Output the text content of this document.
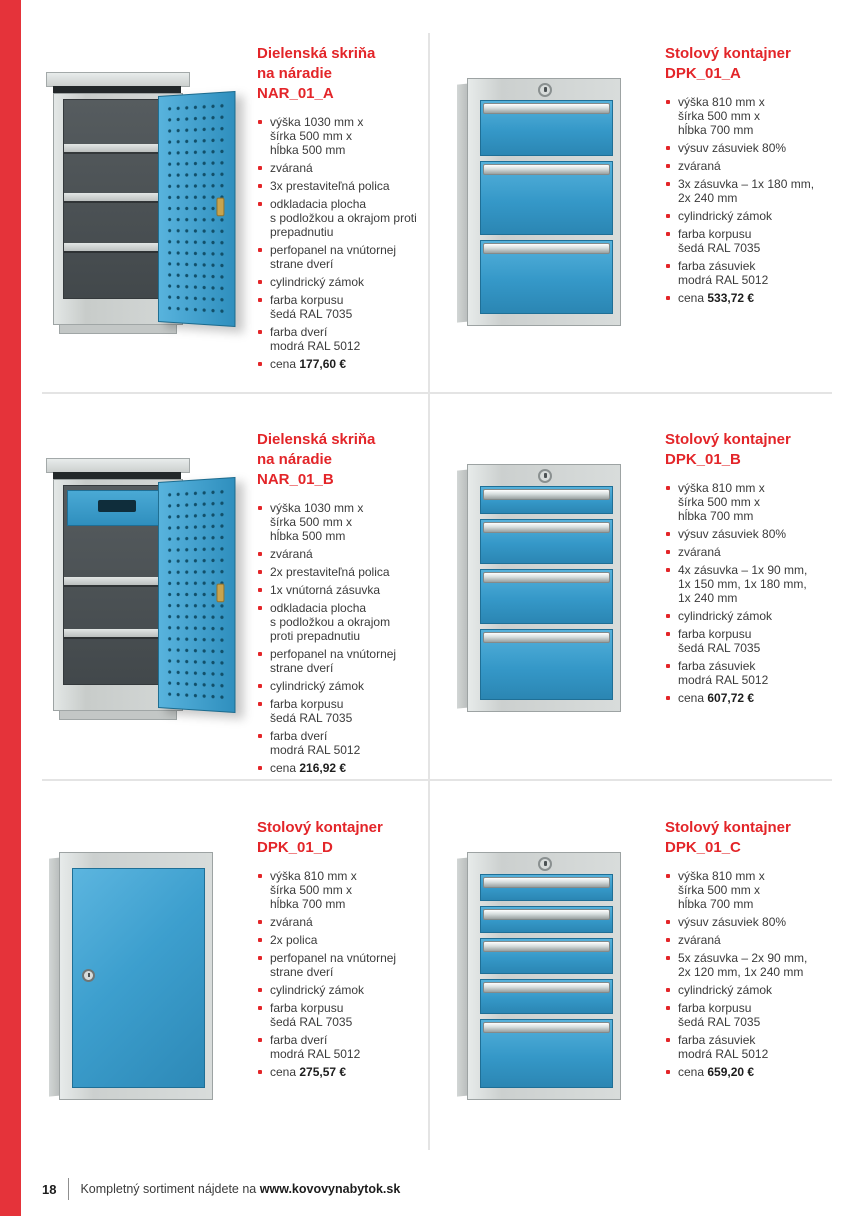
Dielenská skriňa
na náradie
NAR_01_A
výška 1030 mm x
šírka 500 mm x
hĺbka 500 mm
zváraná
3x prestaviteľná polica
odkladacia plocha
s podložkou a okrajom proti
prepadnutiu
perfopanel na vnútornej
strane dverí
cylindrický zámok
farba korpusu
šedá RAL 7035
farba dverí
modrá RAL 5012
cena 177,60 €
Stolový kontajner
DPK_01_A
výška 810 mm x
šírka 500 mm x
hĺbka 700 mm
výsuv zásuviek 80%
zváraná
3x zásuvka – 1x 180 mm,
2x 240 mm
cylindrický zámok
farba korpusu
šedá RAL 7035
farba zásuviek
modrá RAL 5012
cena 533,72 €
Dielenská skriňa
na náradie
NAR_01_B
výška 1030 mm x
šírka 500 mm x
hĺbka 500 mm
zváraná
2x prestaviteľná polica
1x vnútorná zásuvka
odkladacia plocha
s podložkou a okrajom
proti prepadnutiu
perfopanel na vnútornej
strane dverí
cylindrický zámok
farba korpusu
šedá RAL 7035
farba dverí
modrá RAL 5012
cena 216,92 €
Stolový kontajner
DPK_01_B
výška 810 mm x
šírka 500 mm x
hĺbka 700 mm
výsuv zásuviek 80%
zváraná
4x zásuvka – 1x 90 mm,
1x 150 mm, 1x 180 mm,
1x 240 mm
cylindrický zámok
farba korpusu
šedá RAL 7035
farba zásuviek
modrá RAL 5012
cena 607,72 €
Stolový kontajner
DPK_01_D
výška 810 mm x
šírka 500 mm x
hĺbka 700 mm
zváraná
2x polica
perfopanel na vnútornej
strane dverí
cylindrický zámok
farba korpusu
šedá RAL 7035
farba dverí
modrá RAL 5012
cena 275,57 €
Stolový kontajner
DPK_01_C
výška 810 mm x
šírka 500 mm x
hĺbka 700 mm
výsuv zásuviek 80%
zváraná
5x zásuvka – 2x 90 mm,
2x 120 mm, 1x 240 mm
cylindrický zámok
farba korpusu
šedá RAL 7035
farba zásuviek
modrá RAL 5012
cena 659,20 €
18 Kompletný sortiment nájdete na www.kovovynabytok.sk
